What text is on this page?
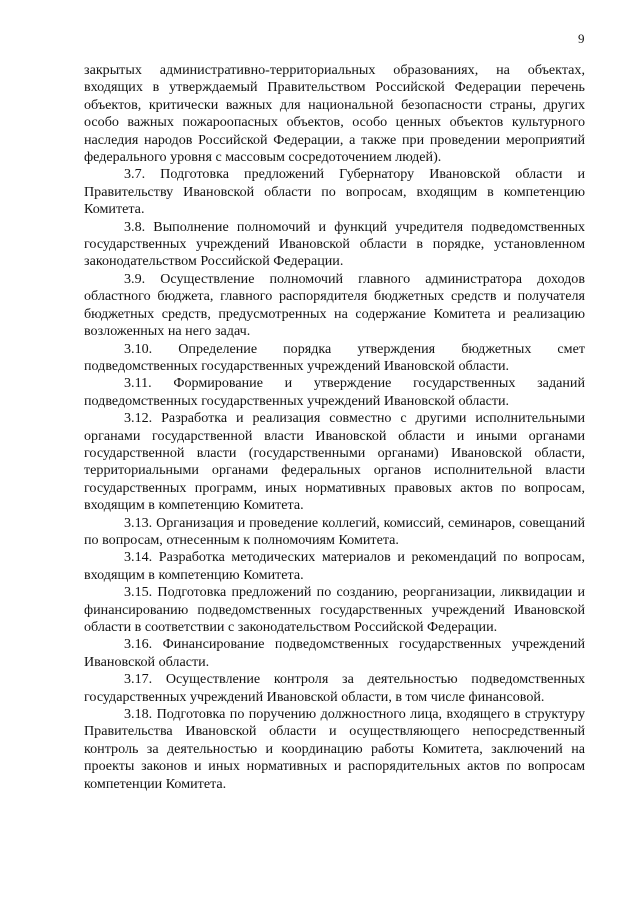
9

закрытых административно-территориальных образованиях, на объектах, входящих в утверждаемый Правительством Российской Федерации перечень объектов, критически важных для национальной безопасности страны, других особо важных пожароопасных объектов, особо ценных объектов культурного наследия народов Российской Федерации, а также при проведении мероприятий федерального уровня с массовым сосредоточением людей).

3.7. Подготовка предложений Губернатору Ивановской области и Правительству Ивановской области по вопросам, входящим в компетенцию Комитета.

3.8. Выполнение полномочий и функций учредителя подведомственных государственных учреждений Ивановской области в порядке, установленном законодательством Российской Федерации.

3.9. Осуществление полномочий главного администратора доходов областного бюджета, главного распорядителя бюджетных средств и получателя бюджетных средств, предусмотренных на содержание Комитета и реализацию возложенных на него задач.

3.10. Определение порядка утверждения бюджетных смет подведомственных государственных учреждений Ивановской области.

3.11. Формирование и утверждение государственных заданий подведомственных государственных учреждений Ивановской области.

3.12. Разработка и реализация совместно с другими исполнительными органами государственной власти Ивановской области и иными органами государственной власти (государственными органами) Ивановской области, территориальными органами федеральных органов исполнительной власти государственных программ, иных нормативных правовых актов по вопросам, входящим в компетенцию Комитета.

3.13. Организация и проведение коллегий, комиссий, семинаров, совещаний по вопросам, отнесенным к полномочиям Комитета.

3.14. Разработка методических материалов и рекомендаций по вопросам, входящим в компетенцию Комитета.

3.15. Подготовка предложений по созданию, реорганизации, ликвидации и финансированию подведомственных государственных учреждений Ивановской области в соответствии с законодательством Российской Федерации.

3.16. Финансирование подведомственных государственных учреждений Ивановской области.

3.17. Осуществление контроля за деятельностью подведомственных государственных учреждений Ивановской области, в том числе финансовой.

3.18. Подготовка по поручению должностного лица, входящего в структуру Правительства Ивановской области и осуществляющего непосредственный контроль за деятельностью и координацию работы Комитета, заключений на проекты законов и иных нормативных и распорядительных актов по вопросам компетенции Комитета.
